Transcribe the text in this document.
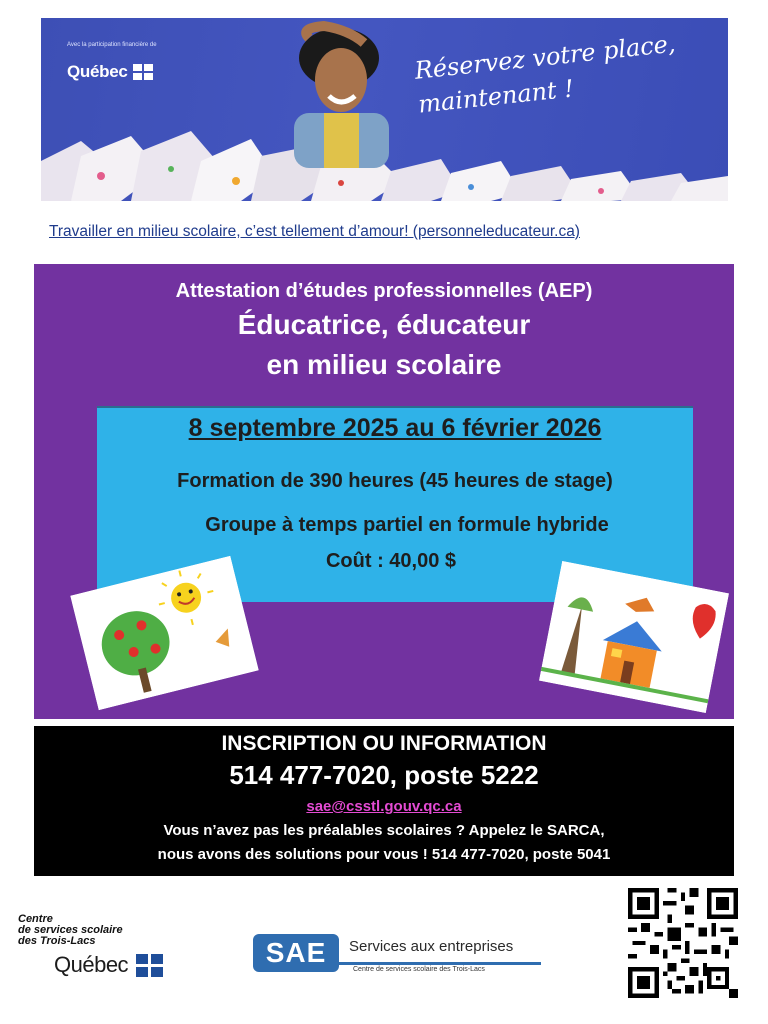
Avec la participation financière de
Québec	Réservez votre place,

maintenant !
Travailler en milieu scolaire, c’est tellement d’amour! (personneleducateur.ca)
Attestation d’études professionnelles (AEP)
Éducatrice, éducateur
en milieu scolaire
8 septembre 2025 au 6 février 2026
Formation de 390 heures (45 heures de stage)
Groupe à temps partiel en formule hybride
Coût : 40,00 $
INSCRIPTION OU INFORMATION
514 477-7020, poste 5222
sae@csstl.gouv.qc.ca
Vous n’avez pas les préalables scolaires ? Appelez le SARCA,
nous avons des solutions pour vous ! 514 477-7020, poste 5041
Centre
de services scolaire
des Trois-Lacs
Québec	SAE	Services aux entreprises
Centre de services scolaire des Trois-Lacs
